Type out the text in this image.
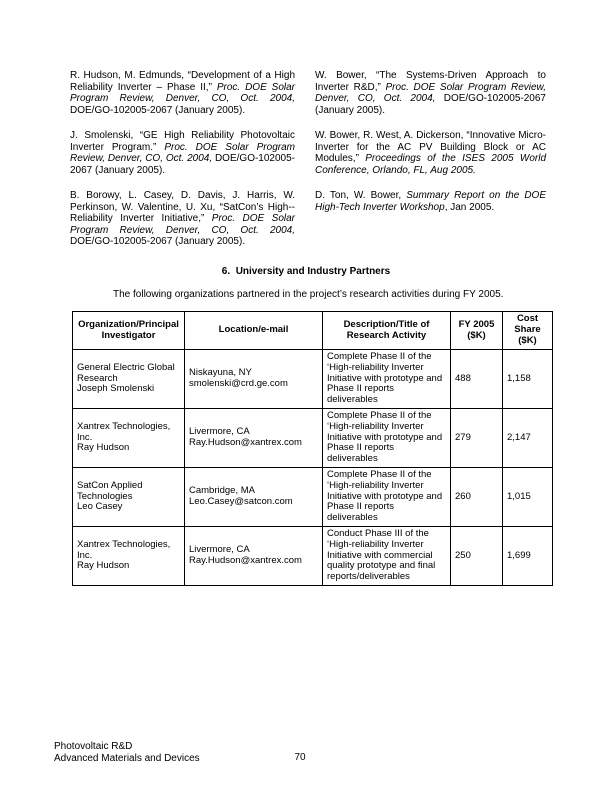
R. Hudson, M. Edmunds, “Development of a High Reliability Inverter – Phase II,” Proc. DOE Solar Program Review, Denver, CO, Oct. 2004, DOE/GO-102005-2067 (January 2005).

J. Smolenski, “GE High Reliability Photovoltaic Inverter Program.” Proc. DOE Solar Program Review, Denver, CO, Oct. 2004, DOE/GO-102005-2067 (January 2005).

B. Borowy, L. Casey, D. Davis, J. Harris, W. Perkinson, W. Valentine, U. Xu, “SatCon’s High--Reliability Inverter Initiative,” Proc. DOE Solar Program Review, Denver, CO, Oct. 2004, DOE/GO-102005-2067 (January 2005).

W. Bower, “The Systems-Driven Approach to Inverter R&D,” Proc. DOE Solar Program Review, Denver, CO, Oct. 2004, DOE/GO-102005-2067 (January 2005).

W. Bower, R. West, A. Dickerson, “Innovative Micro-Inverter for the AC PV Building Block or AC Modules,” Proceedings of the ISES 2005 World Conference, Orlando, FL, Aug 2005.

D. Ton, W. Bower, Summary Report on the DOE High-Tech Inverter Workshop, Jan 2005.

6.  University and Industry Partners

The following organizations partnered in the project’s research activities during FY 2005.

Organization/Principal Investigator	Location/e-mail	Description/Title of Research Activity	FY 2005 ($K)	Cost Share ($K)

General Electric Global Research
Joseph Smolenski	Niskayuna, NY
smolenski@crd.ge.com	Complete Phase II of the ‘High-reliability Inverter Initiative with prototype and Phase II reports deliverables	488	1,158

Xantrex Technologies, Inc.
Ray Hudson	Livermore, CA
Ray.Hudson@xantrex.com	Complete Phase II of the ‘High-reliability Inverter Initiative with prototype and Phase II reports deliverables	279	2,147

SatCon Applied Technologies
Leo Casey	Cambridge, MA
Leo.Casey@satcon.com	Complete Phase II of the ‘High-reliability Inverter Initiative with prototype and Phase II reports deliverables	260	1,015

Xantrex Technologies, Inc.
Ray Hudson	Livermore, CA
Ray.Hudson@xantrex.com	Conduct Phase III of the ‘High-reliability Inverter Initiative with commercial quality prototype and final reports/deliverables	250	1,699
Photovoltaic R&D
Advanced Materials and Devices	70
